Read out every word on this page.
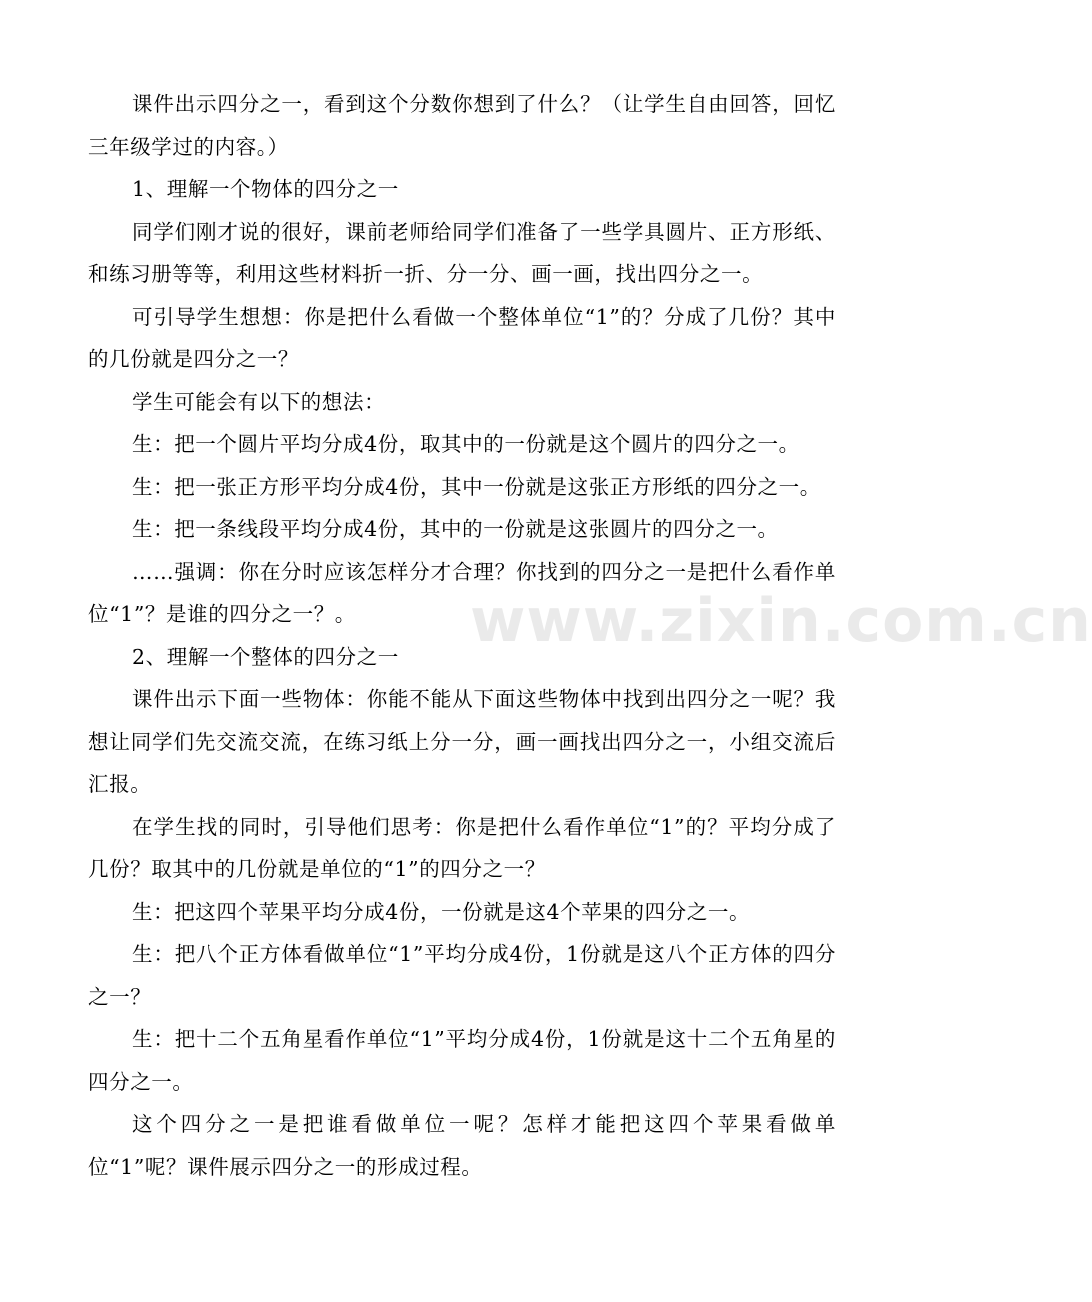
课件出示四分之一，看到这个分数你想到了什么？（让学生自由回答，回忆三年级学过的内容。）

1、理解一个物体的四分之一

同学们刚才说的很好，课前老师给同学们准备了一些学具圆片、正方形纸、和练习册等等，利用这些材料折一折、分一分、画一画，找出四分之一。

可引导学生想想：你是把什么看做一个整体单位“1”的？分成了几份？其中的几份就是四分之一？

学生可能会有以下的想法：

生：把一个圆片平均分成4份，取其中的一份就是这个圆片的四分之一。

生：把一张正方形平均分成4份，其中一份就是这张正方形纸的四分之一。

生：把一条线段平均分成4份，其中的一份就是这张圆片的四分之一。

……强调：你在分时应该怎样分才合理？你找到的四分之一是把什么看作单位“1”？是谁的四分之一？。

2、理解一个整体的四分之一

课件出示下面一些物体：你能不能从下面这些物体中找到出四分之一呢？我想让同学们先交流交流，在练习纸上分一分，画一画找出四分之一，小组交流后汇报。

在学生找的同时，引导他们思考：你是把什么看作单位“1”的？平均分成了几份？取其中的几份就是单位的“1”的四分之一？

生：把这四个苹果平均分成4份，一份就是这4个苹果的四分之一。

生：把八个正方体看做单位“1”平均分成4份，1份就是这八个正方体的四分之一？

生：把十二个五角星看作单位“1”平均分成4份，1份就是这十二个五角星的四分之一。

这个四分之一是把谁看做单位一呢？怎样才能把这四个苹果看做单位“1”呢？课件展示四分之一的形成过程。

www.zixin.com.cn
